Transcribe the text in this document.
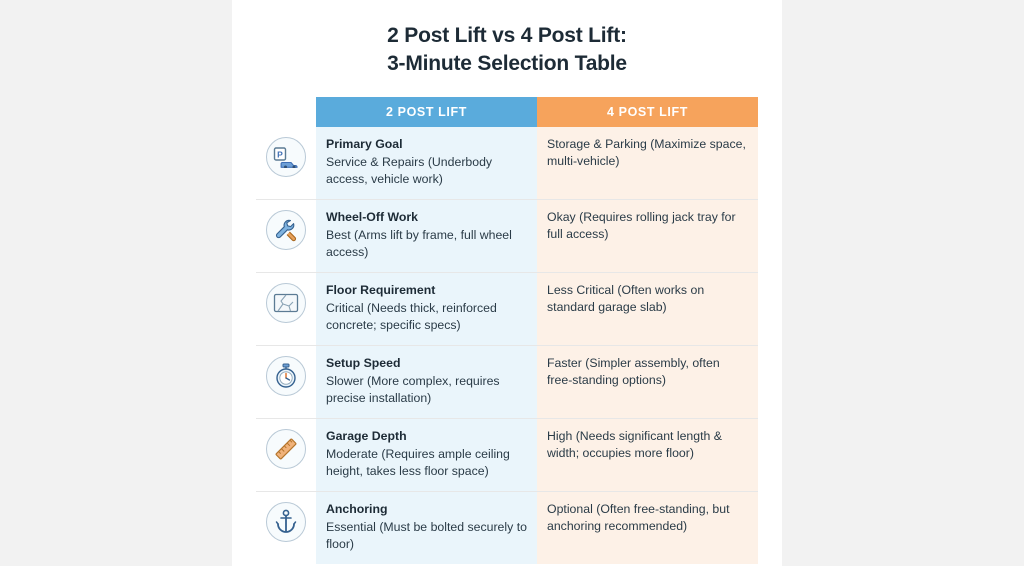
2 Post Lift vs 4 Post Lift:
3-Minute Selection Table
	2 POST LIFT	4 POST LIFT

P	Primary Goal
Service & Repairs (Underbody access, vehicle work)	Storage & Parking (Maximize space, multi-vehicle)

Wheel-Off Work
Best (Arms lift by frame, full wheel access)	Okay (Requires rolling jack tray for full access)

Floor Requirement
Critical (Needs thick, reinforced concrete; specific specs)	Less Critical (Often works on standard garage slab)

Setup Speed
Slower (More complex, requires precise installation)	Faster (Simpler assembly, often free-standing options)

Garage Depth
Moderate (Requires ample ceiling height, takes less floor space)	High (Needs significant length & width; occupies more floor)

Anchoring
Essential (Must be bolted securely to floor)	Optional (Often free-standing, but anchoring recommended)
